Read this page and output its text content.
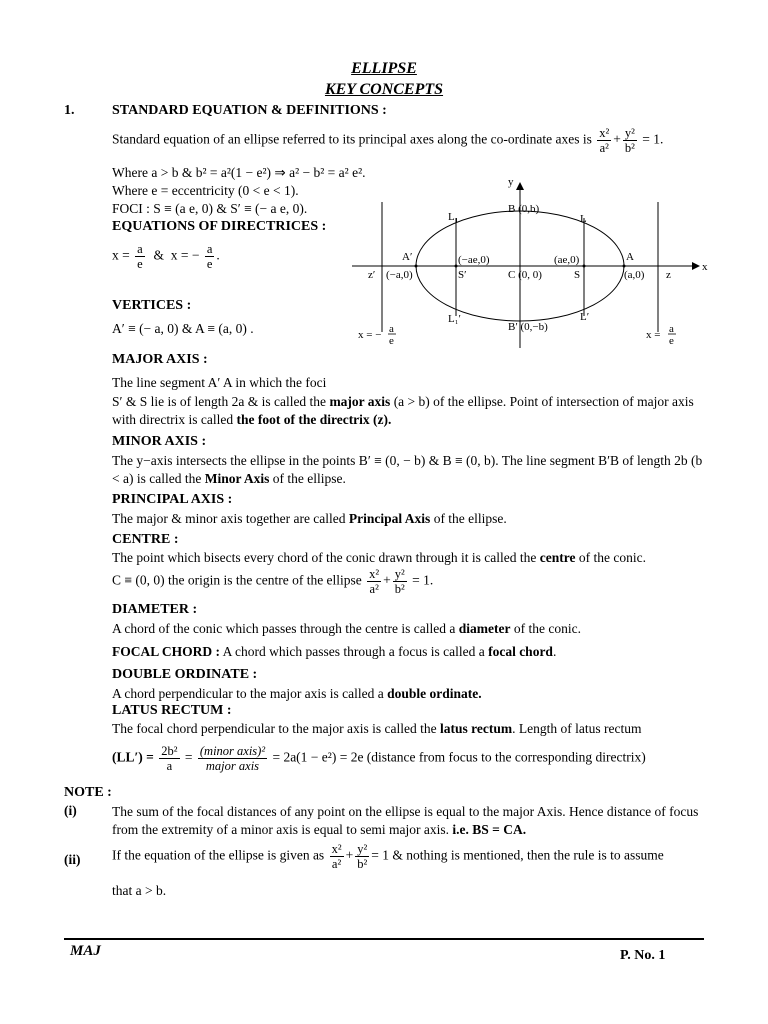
ELLIPSE
KEY CONCEPTS
1.	STANDARD EQUATION & DEFINITIONS :
Standard equation of an ellipse referred to its principal axes along the co-ordinate axes is $\frac{\text{x²}}{\text{a²}} + \frac{\text{y²}}{\text{b²}} = 1$.
Where a > b & b² = a²(1 − e²) ⇒ a² − b² = a² e².
Where e = eccentricity (0 < e < 1).
FOCI : S ≡ (a e, 0) & S′ ≡ (− a e, 0).
EQUATIONS OF DIRECTRICES :
$x = \frac{a}{e}$ & x = − $\frac{a}{e}$ .
VERTICES :
A′ ≡ (− a, 0) & A ≡ (a, 0) .
MAJOR AXIS :
The line segment A′ A in which the foci
y
x
B (0,b)
B′ (0,−b)
L₁	L
L₁′	L′
A′	A
z′	z
(−a,0)	(a,0)
(−ae,0)	(ae,0)
C (0, 0)
S′	S
x = − a
e	x = a
e
S′ & S lie is of length 2a & is called the major axis (a > b) of the ellipse. Point of intersection of major axis with directrix is called the foot of the directrix (z).
MINOR AXIS :
The y−axis intersects the ellipse in the points B′ ≡ (0, − b) & B ≡ (0, b). The line segment B′B of length 2b (b < a) is called the Minor Axis of the ellipse.
PRINCIPAL AXIS :
The major & minor axis together are called Principal Axis of the ellipse.
CENTRE :
The point which bisects every chord of the conic drawn through it is called the centre of the conic.
C ≡ (0, 0) the origin is the centre of the ellipse $\frac{\text{x²}}{\text{a²}} + \frac{\text{y²}}{\text{b²}} = 1$.
DIAMETER :
A chord of the conic which passes through the centre is called a diameter of the conic.
FOCAL CHORD : A chord which passes through a focus is called a focal chord.
DOUBLE ORDINATE :
A chord perpendicular to the major axis is called a double ordinate.
LATUS RECTUM :
The focal chord perpendicular to the major axis is called the latus rectum. Length of latus rectum
$(LL') = \frac{\text{2b²}}{a} = \frac{\text{(minor axis)²}}{\text{major axis}} = 2a(1 - e^2) = 2e$ (distance from focus to the corresponding directrix)
NOTE :
(i)	The sum of the focal distances of any point on the ellipse is equal to the major Axis. Hence distance of focus from the extremity of a minor axis is equal to semi major axis. i.e. BS = CA.
(ii) If the equation of the ellipse is given as $\frac{\text{x²}}{\text{a²}} + \frac{\text{y²}}{\text{b²}} = 1$ & nothing is mentioned, then the rule is to assume
that a > b.
MAJ	P. No. 1
